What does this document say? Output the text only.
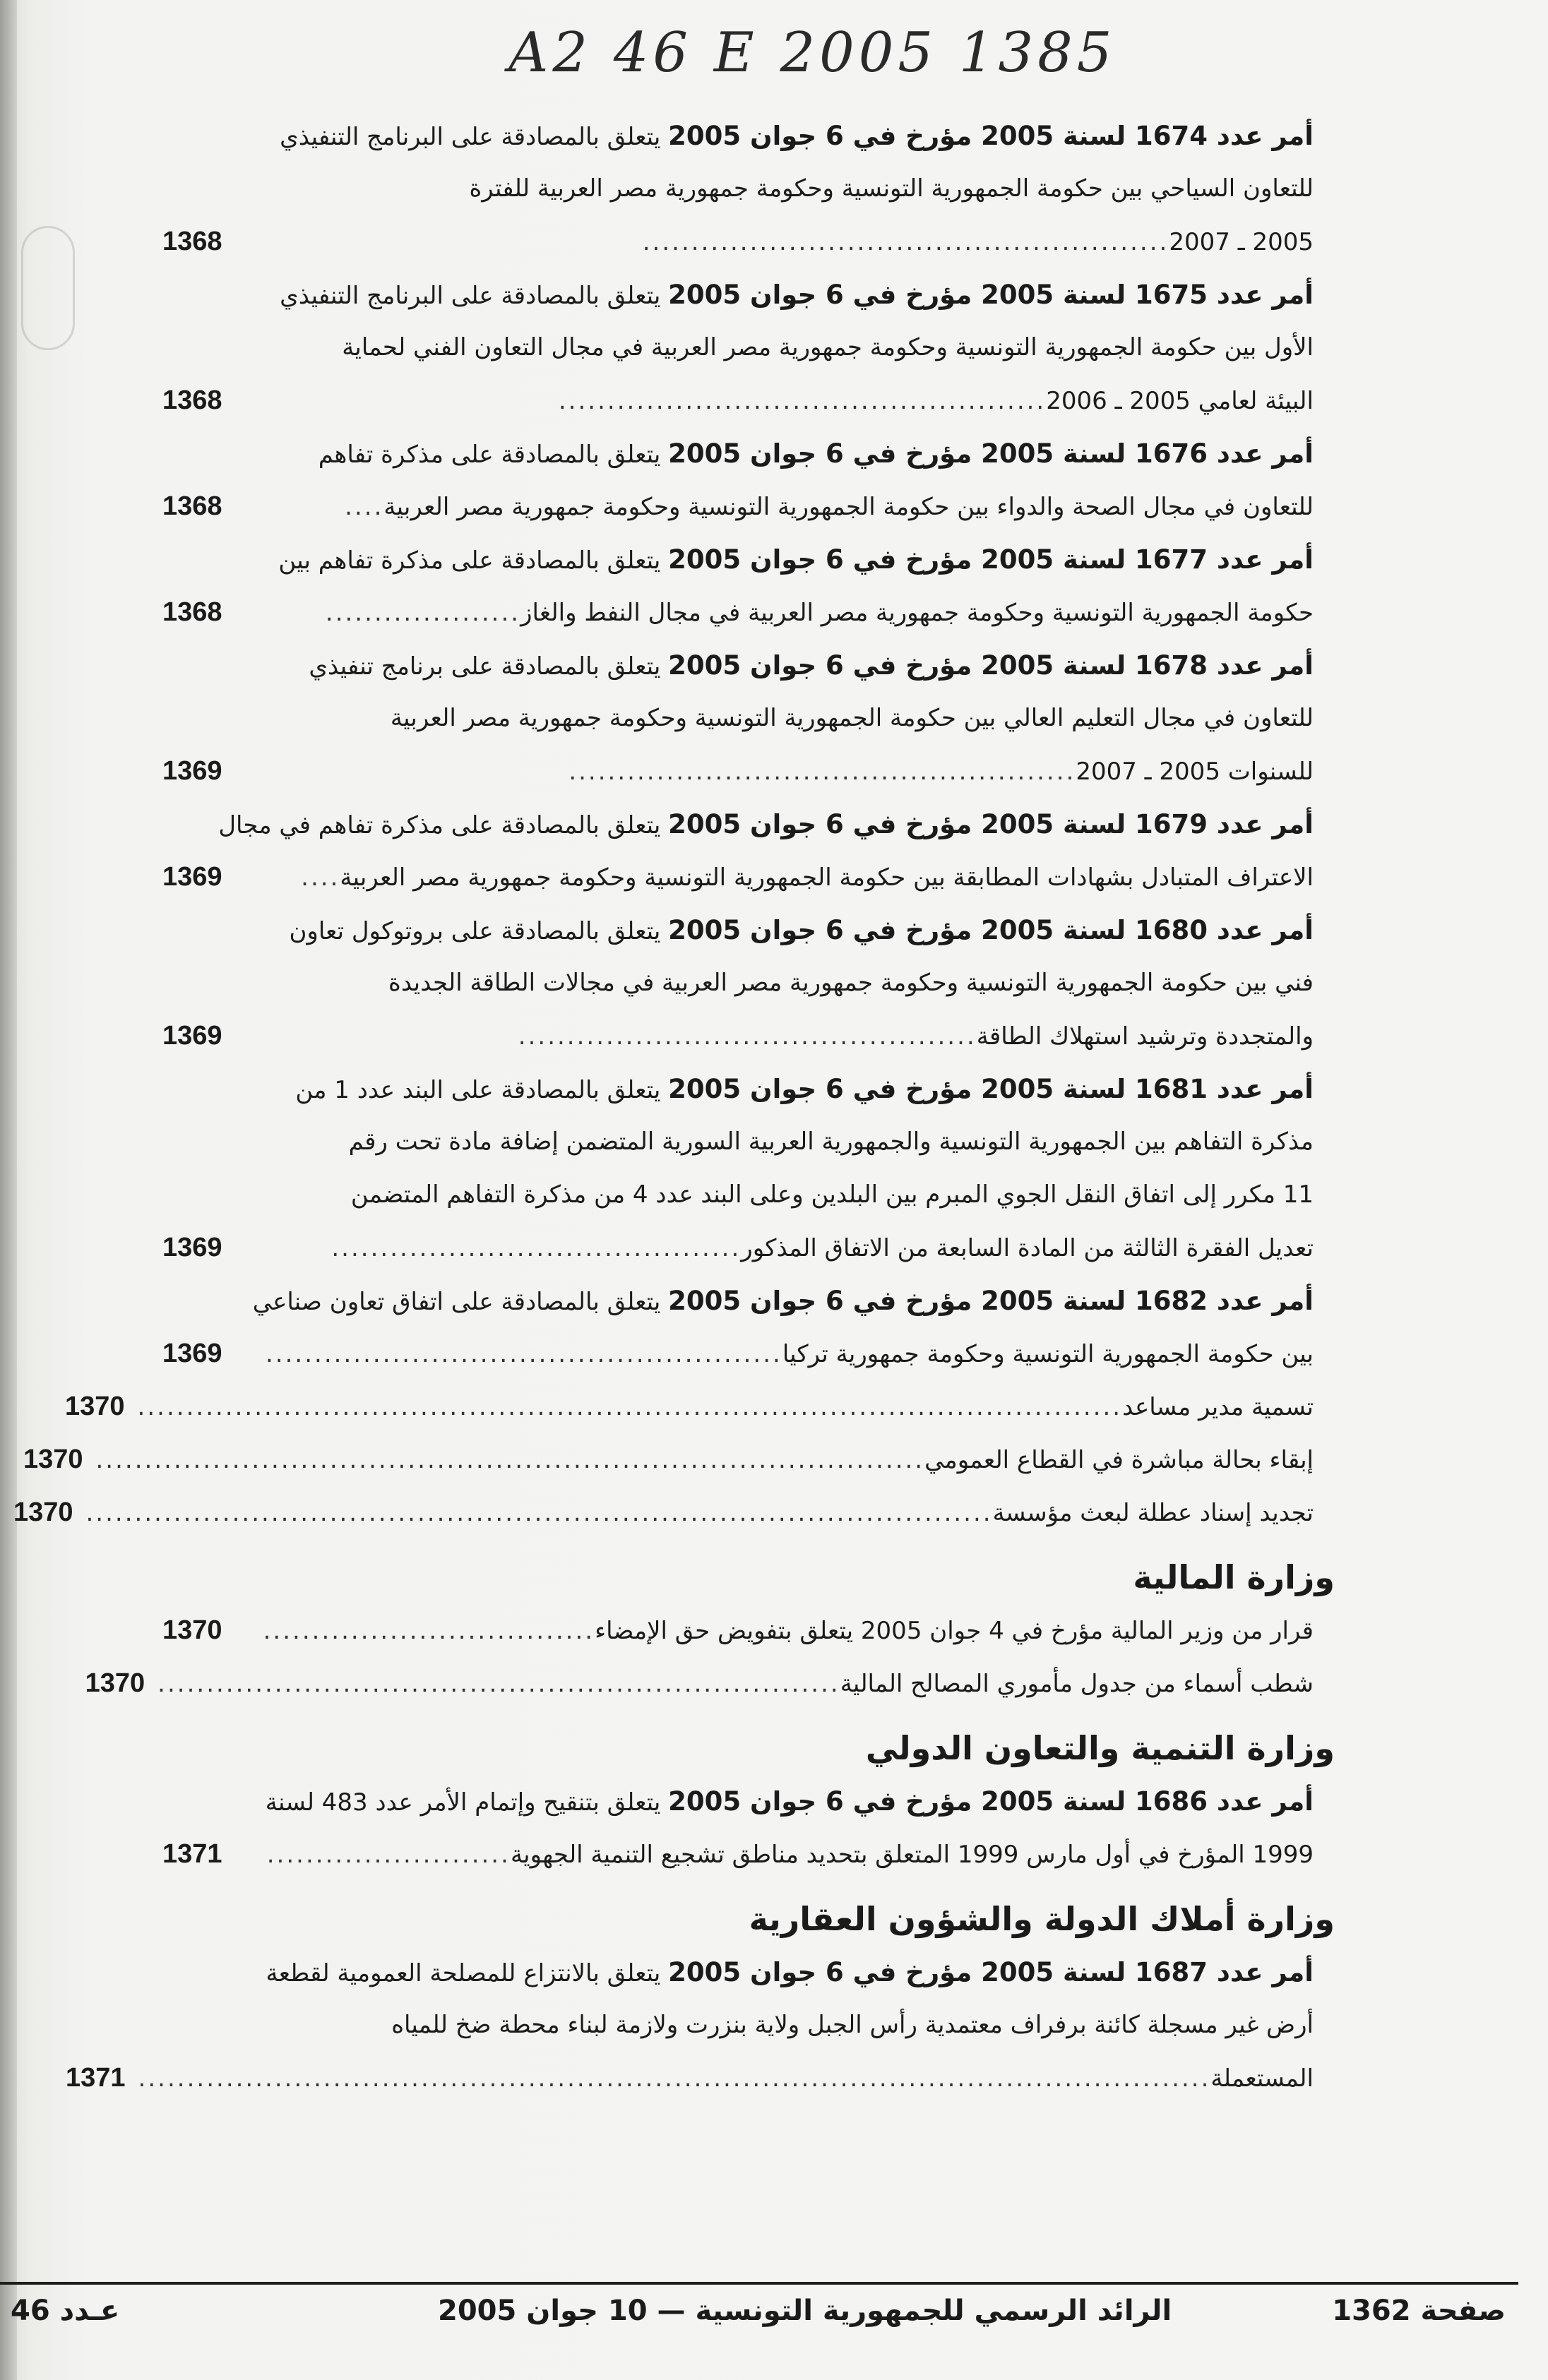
A2 46 E 2005 1385
أمر عدد 1674 لسنة 2005 مؤرخ في 6 جوان 2005 يتعلق بالمصادقة على البرنامج التنفيذي
للتعاون السياحي بين حكومة الجمهورية التونسية وحكومة جمهورية مصر العربية للفترة
2005 ـ 2007
......................................................
1368
أمر عدد 1675 لسنة 2005 مؤرخ في 6 جوان 2005 يتعلق بالمصادقة على البرنامج التنفيذي
الأول بين حكومة الجمهورية التونسية وحكومة جمهورية مصر العربية في مجال التعاون الفني لحماية
البيئة لعامي 2005 ـ 2006
..................................................
1368
أمر عدد 1676 لسنة 2005 مؤرخ في 6 جوان 2005 يتعلق بالمصادقة على مذكرة تفاهم
للتعاون في مجال الصحة والدواء بين حكومة الجمهورية التونسية وحكومة جمهورية مصر العربية
....
1368
أمر عدد 1677 لسنة 2005 مؤرخ في 6 جوان 2005 يتعلق بالمصادقة على مذكرة تفاهم بين
حكومة الجمهورية التونسية وحكومة جمهورية مصر العربية في مجال النفط والغاز
....................
1368
أمر عدد 1678 لسنة 2005 مؤرخ في 6 جوان 2005 يتعلق بالمصادقة على برنامج تنفيذي
للتعاون في مجال التعليم العالي بين حكومة الجمهورية التونسية وحكومة جمهورية مصر العربية
للسنوات 2005 ـ 2007
....................................................
1369
أمر عدد 1679 لسنة 2005 مؤرخ في 6 جوان 2005 يتعلق بالمصادقة على مذكرة تفاهم في مجال
الاعتراف المتبادل بشهادات المطابقة بين حكومة الجمهورية التونسية وحكومة جمهورية مصر العربية
....
1369
أمر عدد 1680 لسنة 2005 مؤرخ في 6 جوان 2005 يتعلق بالمصادقة على بروتوكول تعاون
فني بين حكومة الجمهورية التونسية وحكومة جمهورية مصر العربية في مجالات الطاقة الجديدة
والمتجددة وترشيد استهلاك الطاقة
...............................................
1369
أمر عدد 1681 لسنة 2005 مؤرخ في 6 جوان 2005 يتعلق بالمصادقة على البند عدد 1 من
مذكرة التفاهم بين الجمهورية التونسية والجمهورية العربية السورية المتضمن إضافة مادة تحت رقم
11 مكرر إلى اتفاق النقل الجوي المبرم بين البلدين وعلى البند عدد 4 من مذكرة التفاهم المتضمن
تعديل الفقرة الثالثة من المادة السابعة من الاتفاق المذكور
..........................................
1369
أمر عدد 1682 لسنة 2005 مؤرخ في 6 جوان 2005 يتعلق بالمصادقة على اتفاق تعاون صناعي
بين حكومة الجمهورية التونسية وحكومة جمهورية تركيا
.....................................................
1369
تسمية مدير مساعد
.....................................................................................................
1370
إبقاء بحالة مباشرة في القطاع العمومي
.....................................................................................
1370
تجديد إسناد عطلة لبعث مؤسسة
.............................................................................................
1370
وزارة المالية
قرار من وزير المالية مؤرخ في 4 جوان 2005 يتعلق بتفويض حق الإمضاء
..................................
1370
شطب أسماء من جدول مأموري المصالح المالية
......................................................................
1370
وزارة التنمية والتعاون الدولي
أمر عدد 1686 لسنة 2005 مؤرخ في 6 جوان 2005 يتعلق بتنقيح وإتمام الأمر عدد 483 لسنة
1999 المؤرخ في أول مارس 1999 المتعلق بتحديد مناطق تشجيع التنمية الجهوية
.........................
1371
وزارة أملاك الدولة والشؤون العقارية
أمر عدد 1687 لسنة 2005 مؤرخ في 6 جوان 2005 يتعلق بالانتزاع للمصلحة العمومية لقطعة
أرض غير مسجلة كائنة برفراف معتمدية رأس الجبل ولاية بنزرت ولازمة لبناء محطة ضخ للمياه
المستعملة
..............................................................................................................
1371
صفحة 1362
الرائد الرسمي للجمهورية التونسية — 10 جوان 2005
عـدد 46
